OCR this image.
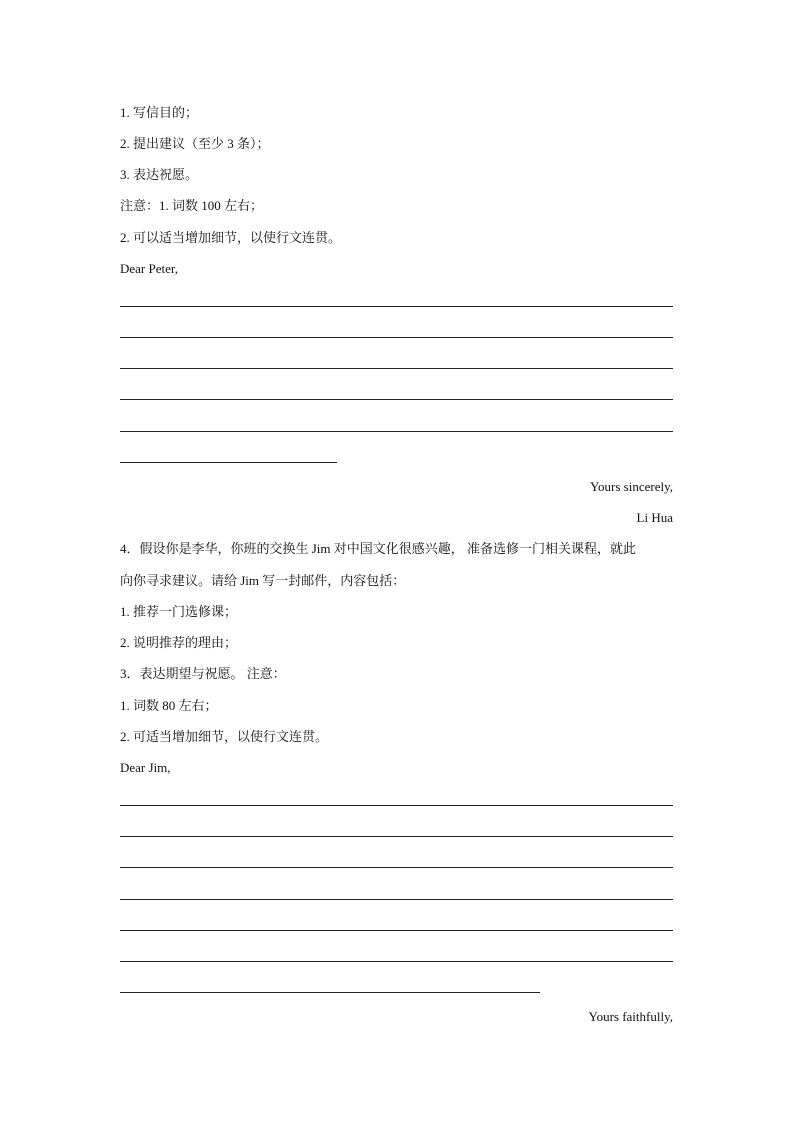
1. 写信目的；
2. 提出建议（至少 3 条）；
3. 表达祝愿。
注意：1. 词数 100 左右；
2. 可以适当增加细节，以使行文连贯。
Dear Peter,
Yours sincerely,
Li Hua
4．假设你是李华，你班的交换生 Jim 对中国文化很感兴趣， 准备选修一门相关课程，就此
向你寻求建议。请给 Jim 写一封邮件，内容包括：
1. 推荐一门选修课；
2. 说明推荐的理由；
3．表达期望与祝愿。 注意：
1. 词数 80 左右；
2. 可适当增加细节，以使行文连贯。
Dear Jim,
Yours faithfully,
